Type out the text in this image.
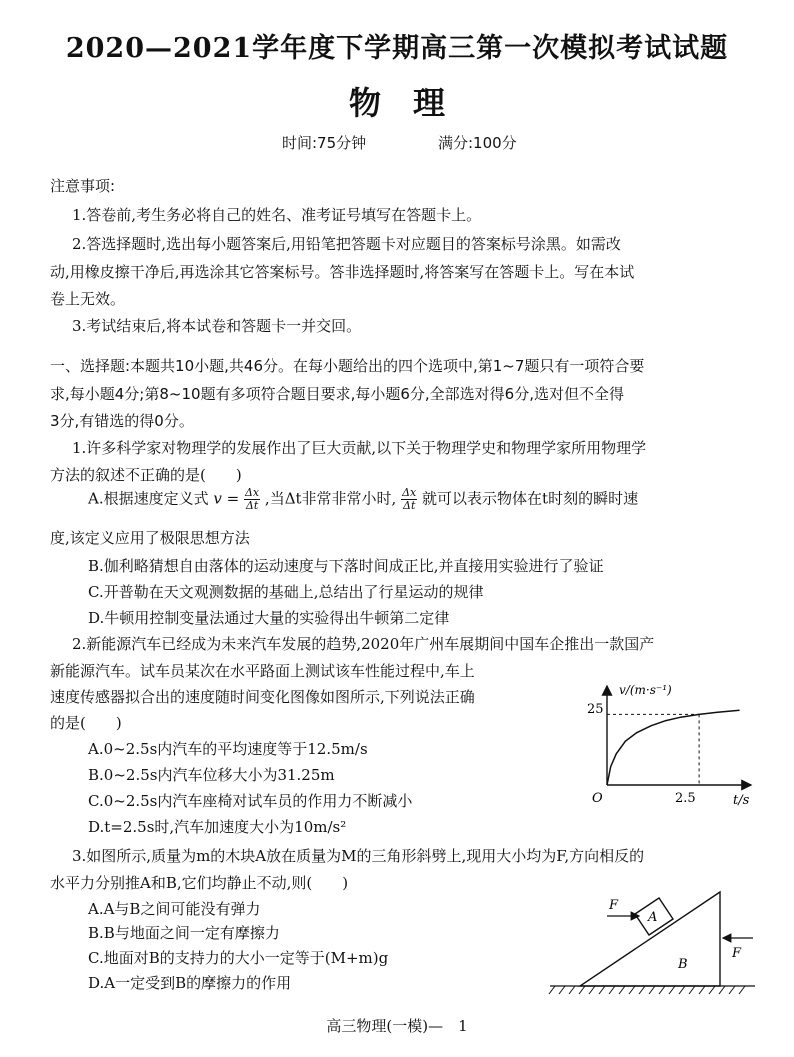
2020—2021学年度下学期高三第一次模拟考试试题
物　理
时间:75分钟	满分:100分
注意事项:
1.答卷前,考生务必将自己的姓名、准考证号填写在答题卡上。
2.答选择题时,选出每小题答案后,用铅笔把答题卡对应题目的答案标号涂黑。如需改
动,用橡皮擦干净后,再选涂其它答案标号。答非选择题时,将答案写在答题卡上。写在本试
卷上无效。
3.考试结束后,将本试卷和答题卡一并交回。
一、选择题:本题共10小题,共46分。在每小题给出的四个选项中,第1~7题只有一项符合要
求,每小题4分;第8~10题有多项符合题目要求,每小题6分,全部选对得6分,选对但不全得
3分,有错选的得0分。
1.许多科学家对物理学的发展作出了巨大贡献,以下关于物理学史和物理学家所用物理学
方法的叙述不正确的是(　　)
A.根据速度定义式 $v = \frac{\Delta x}{\Delta t}$ ,当Δt非常非常小时, $\frac{\Delta x}{\Delta t}$ 就可以表示物体在t时刻的瞬时速
度,该定义应用了极限思想方法
B.伽利略猜想自由落体的运动速度与下落时间成正比,并直接用实验进行了验证
C.开普勒在天文观测数据的基础上,总结出了行星运动的规律
D.牛顿用控制变量法通过大量的实验得出牛顿第二定律
2.新能源汽车已经成为未来汽车发展的趋势,2020年广州车展期间中国车企推出一款国产
新能源汽车。试车员某次在水平路面上测试该车性能过程中,车上
速度传感器拟合出的速度随时间变化图像如图所示,下列说法正确
的是(　　)
A.0~2.5s内汽车的平均速度等于12.5m/s
B.0~2.5s内汽车位移大小为31.25m
C.0~2.5s内汽车座椅对试车员的作用力不断减小
D.t=2.5s时,汽车加速度大小为10m/s²
v/(m·s⁻¹)
25
O	2.5	t/s
3.如图所示,质量为m的木块A放在质量为M的三角形斜劈上,现用大小均为F,方向相反的
水平力分别推A和B,它们均静止不动,则(　　)
A.A与B之间可能没有弹力
B.B与地面之间一定有摩擦力
C.地面对B的支持力的大小一定等于(M+m)g
D.A一定受到B的摩擦力的作用
F
F
A
B
高三物理(一模)—　1
